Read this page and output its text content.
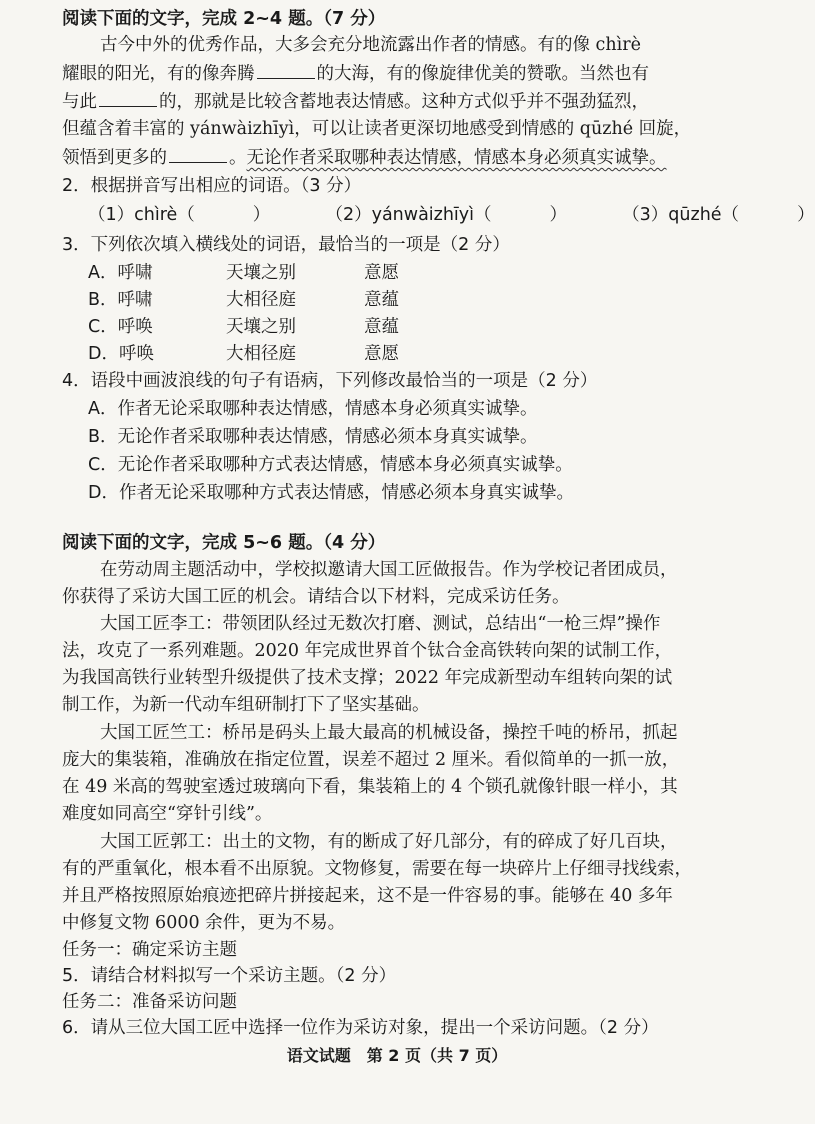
阅读下面的文字，完成 2~4 题。（7 分）
古今中外的优秀作品，大多会充分地流露出作者的情感。有的像 chìrè
耀眼的阳光，有的像奔腾	的大海，有的像旋律优美的赞歌。当然也有
与此	的，那就是比较含蓄地表达情感。这种方式似乎并不强劲猛烈，
但蕴含着丰富的 yánwàizhīyì，可以让读者更深切地感受到情感的 qūzhé 回旋，
领悟到更多的	。无论作者采取哪种表达情感，情感本身必须真实诚挚。
2．根据拼音写出相应的词语。（3 分）
（1）chìrè（	）	（2）yánwàizhīyì（	）	（3）qūzhé（	）
3．下列依次填入横线处的词语，最恰当的一项是（2 分）
A．呼啸	天壤之别	意愿
B．呼啸	大相径庭	意蕴
C．呼唤	天壤之别	意蕴
D．呼唤	大相径庭	意愿
4．语段中画波浪线的句子有语病，下列修改最恰当的一项是（2 分）
A．作者无论采取哪种表达情感，情感本身必须真实诚挚。
B．无论作者采取哪种表达情感，情感必须本身真实诚挚。
C．无论作者采取哪种方式表达情感，情感本身必须真实诚挚。
D．作者无论采取哪种方式表达情感，情感必须本身真实诚挚。
阅读下面的文字，完成 5~6 题。（4 分）
在劳动周主题活动中，学校拟邀请大国工匠做报告。作为学校记者团成员，
你获得了采访大国工匠的机会。请结合以下材料，完成采访任务。
大国工匠李工：带领团队经过无数次打磨、测试，总结出“一枪三焊”操作
法，攻克了一系列难题。2020 年完成世界首个钛合金高铁转向架的试制工作，
为我国高铁行业转型升级提供了技术支撑；2022 年完成新型动车组转向架的试
制工作，为新一代动车组研制打下了坚实基础。
大国工匠竺工：桥吊是码头上最大最高的机械设备，操控千吨的桥吊，抓起
庞大的集装箱，准确放在指定位置，误差不超过 2 厘米。看似简单的一抓一放，
在 49 米高的驾驶室透过玻璃向下看，集装箱上的 4 个锁孔就像针眼一样小，其
难度如同高空“穿针引线”。
大国工匠郭工：出土的文物，有的断成了好几部分，有的碎成了好几百块，
有的严重氧化，根本看不出原貌。文物修复，需要在每一块碎片上仔细寻找线索，
并且严格按照原始痕迹把碎片拼接起来，这不是一件容易的事。能够在 40 多年
中修复文物 6000 余件，更为不易。
任务一：确定采访主题
5．请结合材料拟写一个采访主题。（2 分）
任务二：准备采访问题
6．请从三位大国工匠中选择一位作为采访对象，提出一个采访问题。（2 分）
语文试题　第 2 页（共 7 页）
